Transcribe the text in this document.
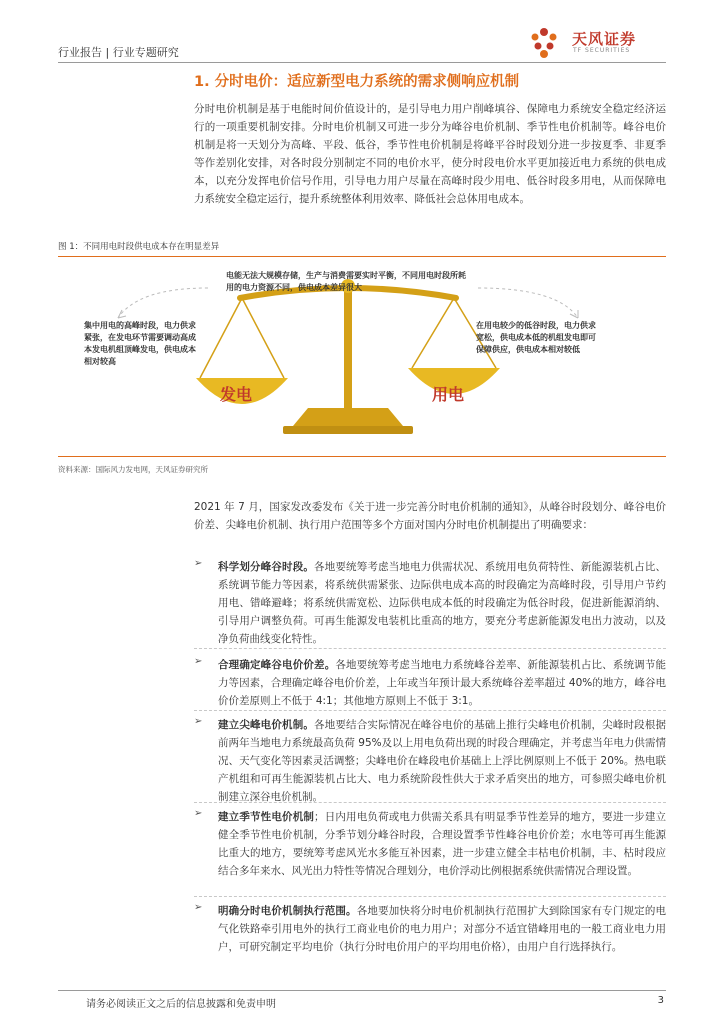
行业报告 | 行业专题研究
天风证券
TF SECURITIES
1. 分时电价：适应新型电力系统的需求侧响应机制

分时电价机制是基于电能时间价值设计的，是引导电力用户削峰填谷、保障电力系统安全稳定经济运行的一项重要机制安排。分时电价机制又可进一步分为峰谷电价机制、季节性电价机制等。峰谷电价机制是将一天划分为高峰、平段、低谷，季节性电价机制是将峰平谷时段划分进一步按夏季、非夏季等作差别化安排，对各时段分别制定不同的电价水平，使分时段电价水平更加接近电力系统的供电成本，以充分发挥电价信号作用，引导电力用户尽量在高峰时段少用电、低谷时段多用电，从而保障电力系统安全稳定运行，提升系统整体利用效率、降低社会总体用电成本。

图 1：不同用电时段供电成本存在明显差异
电能无法大规模存储，生产与消费需要实时平衡，不同用电时段所耗用的电力资源不同，供电成本差异很大
集中用电的高峰时段，电力供求紧张，在发电环节需要调动高成本发电机组顶峰发电，供电成本相对较高
在用电较少的低谷时段，电力供求宽松，供电成本低的机组发电即可保障供应，供电成本相对较低
发电	用电
资料来源：国际风力发电网，天风证券研究所

2021 年 7 月，国家发改委发布《关于进一步完善分时电价机制的通知》，从峰谷时段划分、峰谷电价价差、尖峰电价机制、执行用户范围等多个方面对国内分时电价机制提出了明确要求：

➢ 科学划分峰谷时段。各地要统筹考虑当地电力供需状况、系统用电负荷特性、新能源装机占比、系统调节能力等因素，将系统供需紧张、边际供电成本高的时段确定为高峰时段，引导用户节约用电、错峰避峰；将系统供需宽松、边际供电成本低的时段确定为低谷时段，促进新能源消纳、引导用户调整负荷。可再生能源发电装机比重高的地方，要充分考虑新能源发电出力波动，以及净负荷曲线变化特性。

➢ 合理确定峰谷电价价差。各地要统筹考虑当地电力系统峰谷差率、新能源装机占比、系统调节能力等因素，合理确定峰谷电价价差，上年或当年预计最大系统峰谷差率超过 40%的地方，峰谷电价价差原则上不低于 4:1；其他地方原则上不低于 3:1。

➢ 建立尖峰电价机制。各地要结合实际情况在峰谷电价的基础上推行尖峰电价机制，尖峰时段根据前两年当地电力系统最高负荷 95%及以上用电负荷出现的时段合理确定，并考虑当年电力供需情况、天气变化等因素灵活调整；尖峰电价在峰段电价基础上上浮比例原则上不低于 20%。热电联产机组和可再生能源装机占比大、电力系统阶段性供大于求矛盾突出的地方，可参照尖峰电价机制建立深谷电价机制。

➢ 建立季节性电价机制；日内用电负荷或电力供需关系具有明显季节性差异的地方，要进一步建立健全季节性电价机制，分季节划分峰谷时段，合理设置季节性峰谷电价价差；水电等可再生能源比重大的地方，要统筹考虑风光水多能互补因素，进一步建立健全丰枯电价机制，丰、枯时段应结合多年来水、风光出力特性等情况合理划分，电价浮动比例根据系统供需情况合理设置。

➢ 明确分时电价机制执行范围。各地要加快将分时电价机制执行范围扩大到除国家有专门规定的电气化铁路牵引用电外的执行工商业电价的电力用户；对部分不适宜错峰用电的一般工商业电力用户，可研究制定平均电价（执行分时电价用户的平均用电价格），由用户自行选择执行。

请务必阅读正文之后的信息披露和免责申明	3
